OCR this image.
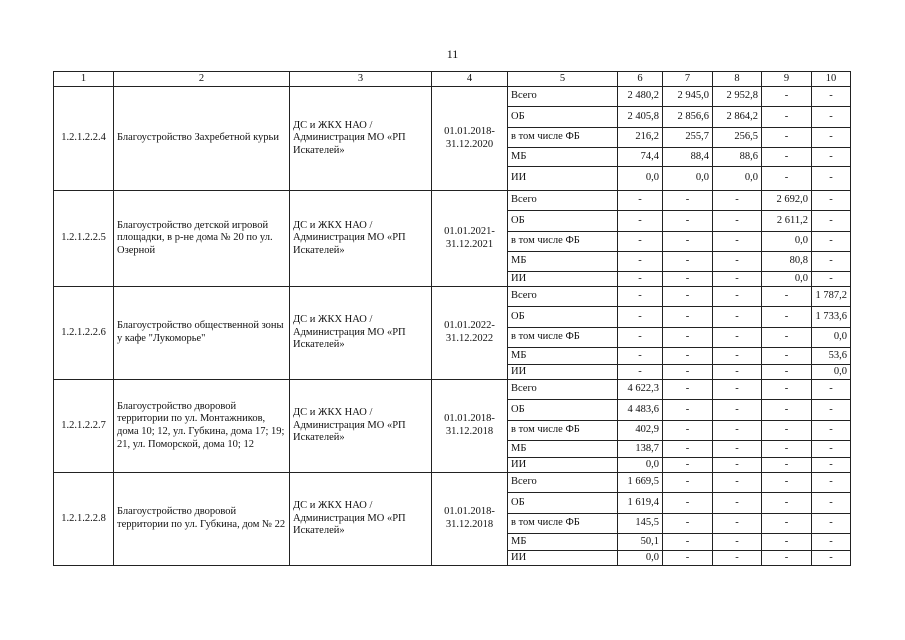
11
1	2	3	4	5	6	7	8	9	10
1.2.1.2.2.4	Благоустройство Захребетной курьи	ДС и ЖКХ НАО / Администрация МО «РП Искателей»	01.01.2018-31.12.2020	Всего	2 480,2	2 945,0	2 952,8	-	-
				ОБ	2 405,8	2 856,6	2 864,2	-	-
				в том числе ФБ	216,2	255,7	256,5	-	-
				МБ	74,4	88,4	88,6	-	-
				ИИ	0,0	0,0	0,0	-	-
1.2.1.2.2.5	Благоустройство детской игровой площадки, в р-не дома № 20 по ул. Озерной	ДС и ЖКХ НАО / Администрация МО «РП Искателей»	01.01.2021-31.12.2021	Всего	-	-	-	2 692,0	-
				ОБ	-	-	-	2 611,2	-
				в том числе ФБ	-	-	-	0,0	-
				МБ	-	-	-	80,8	-
				ИИ	-	-	-	0,0	-
1.2.1.2.2.6	Благоустройство общественной зоны у кафе "Лукоморье"	ДС и ЖКХ НАО / Администрация МО «РП Искателей»	01.01.2022-31.12.2022	Всего	-	-	-	-	1 787,2
				ОБ	-	-	-	-	1 733,6
				в том числе ФБ	-	-	-	-	0,0
				МБ	-	-	-	-	53,6
				ИИ	-	-	-	-	0,0
1.2.1.2.2.7	Благоустройство дворовой территории по ул. Монтажников, дома 10; 12, ул. Губкина, дома 17; 19; 21, ул. Поморской, дома 10; 12	ДС и ЖКХ НАО / Администрация МО «РП Искателей»	01.01.2018-31.12.2018	Всего	4 622,3	-	-	-	-
				ОБ	4 483,6	-	-	-	-
				в том числе ФБ	402,9	-	-	-	-
				МБ	138,7	-	-	-	-
				ИИ	0,0	-	-	-	-
1.2.1.2.2.8	Благоустройство дворовой территории по ул. Губкина, дом № 22	ДС и ЖКХ НАО / Администрация МО «РП Искателей»	01.01.2018-31.12.2018	Всего	1 669,5	-	-	-	-
				ОБ	1 619,4	-	-	-	-
				в том числе ФБ	145,5	-	-	-	-
				МБ	50,1	-	-	-	-
				ИИ	0,0	-	-	-	-
